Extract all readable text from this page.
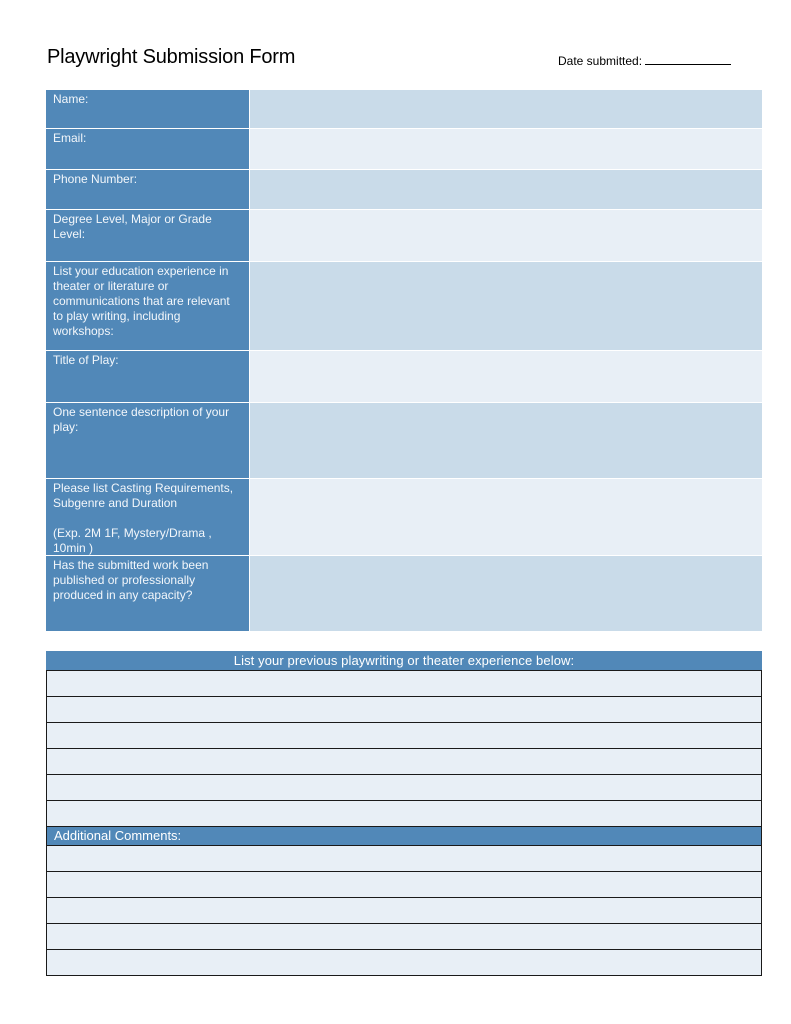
Playwright Submission Form	Date submitted:
Name:
Email:
Phone Number:
Degree Level, Major or Grade
Level:
List your education experience in
theater or literature or
communications that are relevant
to play writing, including
workshops:
Title of Play:
One sentence description of your
play:
Please list Casting Requirements,
Subgenre and Duration

(Exp. 2M 1F, Mystery/Drama ,
10min )
Has the submitted work been
published or professionally
produced in any capacity?
List your previous playwriting or theater experience below:
Additional Comments:
